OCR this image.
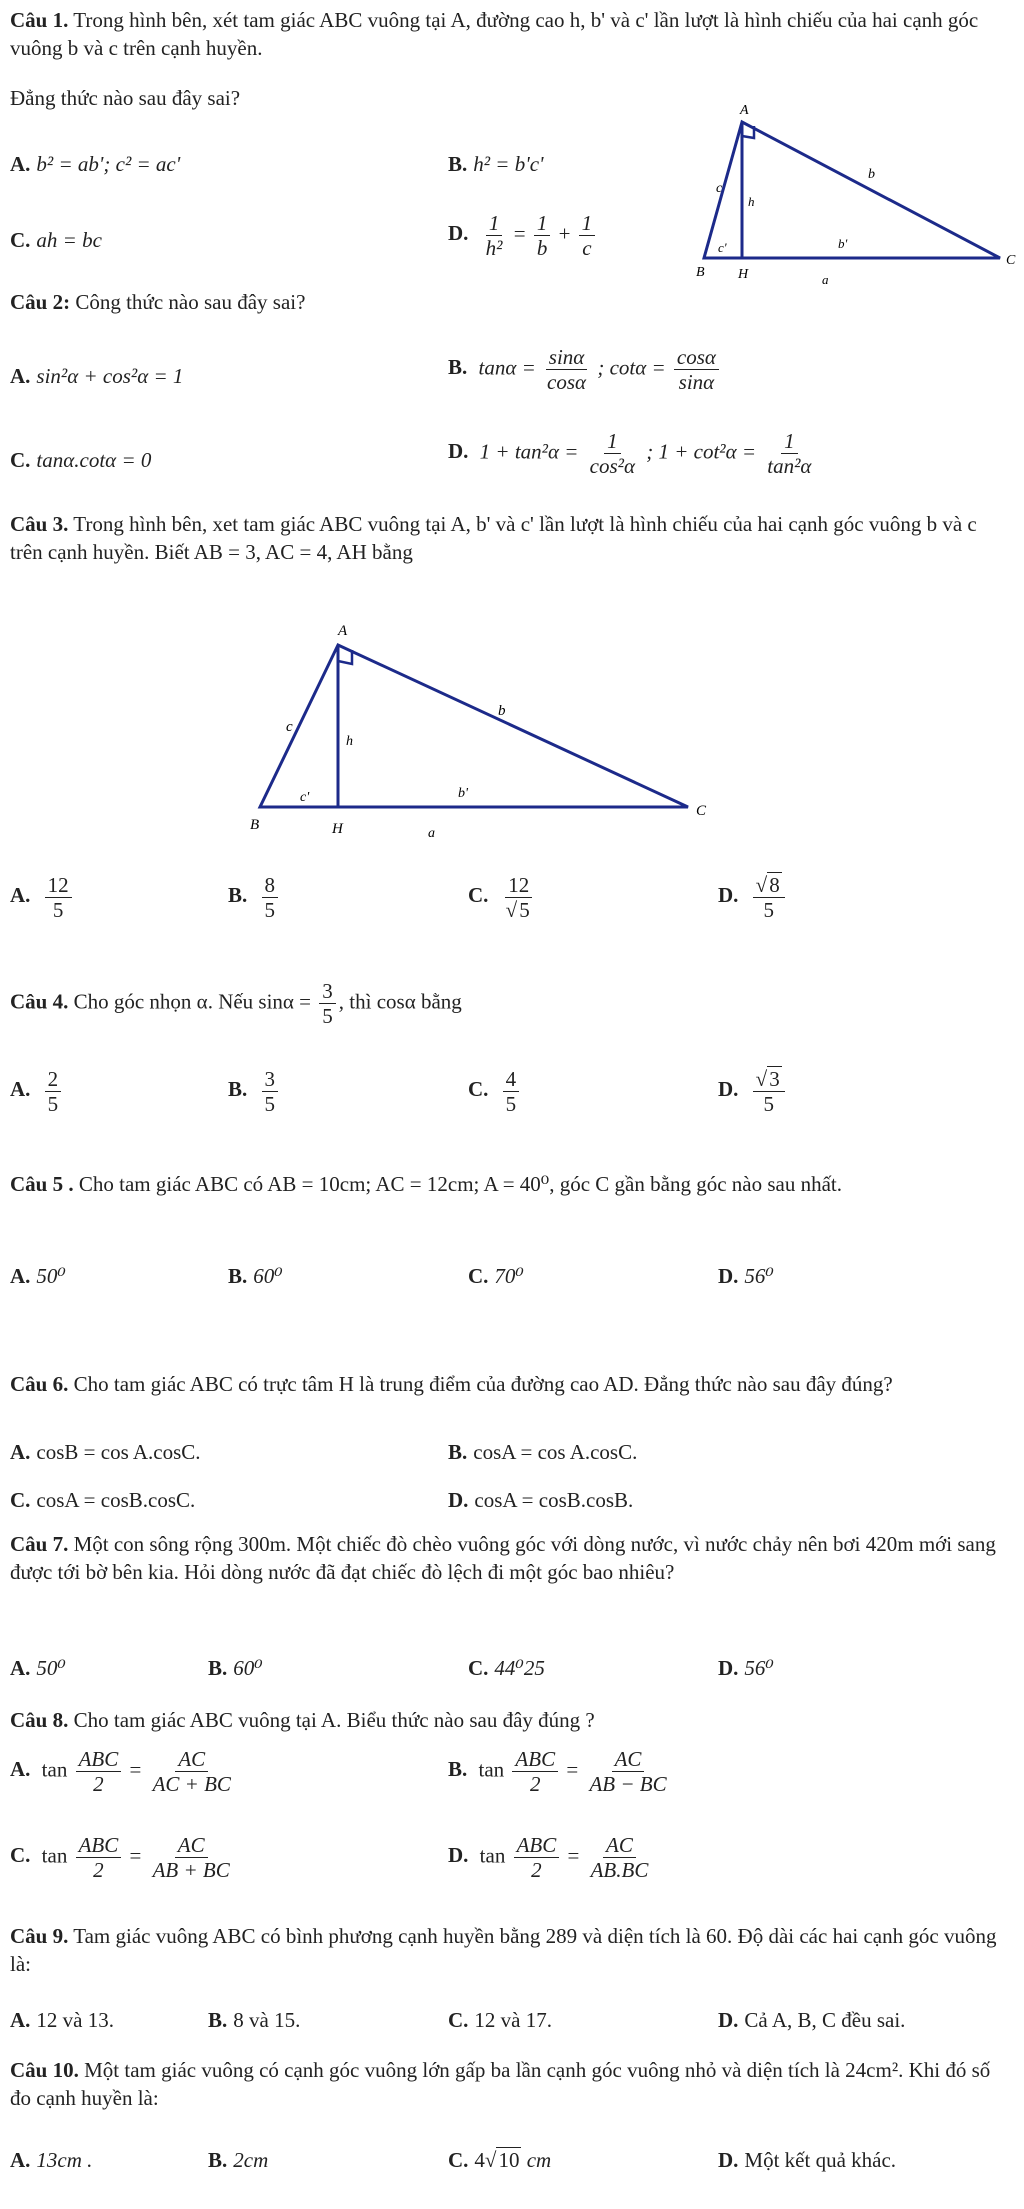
Câu 1. Trong hình bên, xét tam giác ABC vuông tại A, đường cao h, b' và c' lần lượt là hình chiếu của hai cạnh góc vuông b và c trên cạnh huyền.
Đẳng thức nào sau đây sai?
A. b² = ab'; c² = ac'	B. h² = b'c'
C. ah = bc	D. $\frac{1}{\text{h²}} = \frac{1}{b} + \frac{1}{c}$
A
B
C
H
c
b
h
c'	b'
a
Câu 2: Công thức nào sau đây sai?
A. sin²α + cos²α = 1	B. $\tan\alpha = \frac{\sin\alpha}{\cos\alpha}$ ; $\cot\alpha = \frac{\cos\alpha}{\sin\alpha}$
C. tanα.cotα = 0	D. $1 + \tan^2\alpha = \frac{1}{\text{cos²α}}$ ; $1 + \cot^2\alpha = \frac{1}{\text{tan²α}}$
Câu 3. Trong hình bên, xet tam giác ABC vuông tại A, b' và c' lần lượt là hình chiếu của hai cạnh góc vuông b và c trên cạnh huyền. Biết AB = 3, AC = 4, AH bằng
A
B
C
H
c
b
h
c'	b'
a
A. $\frac{12}{5}$	B. $\frac{8}{5}$	C. $\frac{12}{√5}$	D. $\frac{√8}{5}$
Câu 4. Cho góc nhọn α. Nếu $\sin\alpha = \frac{3}{5}$ , thì cosα bằng
A. $\frac{2}{5}$	B. $\frac{3}{5}$	C. $\frac{4}{5}$	D. $\frac{√3}{5}$
Câu 5 . Cho tam giác ABC có AB = 10cm; AC = 12cm; A = 40⁰, góc C gần bằng góc nào sau nhất.
A. 50⁰	B. 60⁰	C. 70⁰	D. 56⁰
Câu 6. Cho tam giác ABC có trực tâm H là trung điểm của đường cao AD. Đẳng thức nào sau đây đúng?
A. cosB = cos A.cosC.	B. cosA = cos A.cosC.
C. cosA = cosB.cosC.	D. cosA = cosB.cosB.
Câu 7. Một con sông rộng 300m. Một chiếc đò chèo vuông góc với dòng nước, vì nước chảy nên bơi 420m mới sang được tới bờ bên kia. Hỏi dòng nước đã đạt chiếc đò lệch đi một góc bao nhiêu?
A. 50⁰	B. 60⁰	C. 44⁰25	D. 56⁰
Câu 8. Cho tam giác ABC vuông tại A. Biểu thức nào sau đây đúng ?
A. $\tan \frac{\text{ABC}}{2} = \frac{AC}{AC + BC}$	B. $\tan \frac{\text{ABC}}{2} = \frac{AC}{AB - BC}$
C. $\tan \frac{\text{ABC}}{2} = \frac{AC}{AB + BC}$	D. $\tan \frac{\text{ABC}}{2} = \frac{AC}{AB.BC}$
Câu 9. Tam giác vuông ABC có bình phương cạnh huyền bằng 289 và diện tích là 60. Độ dài các hai cạnh góc vuông là:
A. 12 và 13.	B. 8 và 15.	C. 12 và 17.	D. Cả A, B, C đều sai.
Câu 10. Một tam giác vuông có cạnh góc vuông lớn gấp ba lần cạnh góc vuông nhỏ và diện tích là 24cm². Khi đó số đo cạnh huyền là:
A. 13cm .	B. 2cm	C. 4√10 cm	D. Một kết quả khác.
